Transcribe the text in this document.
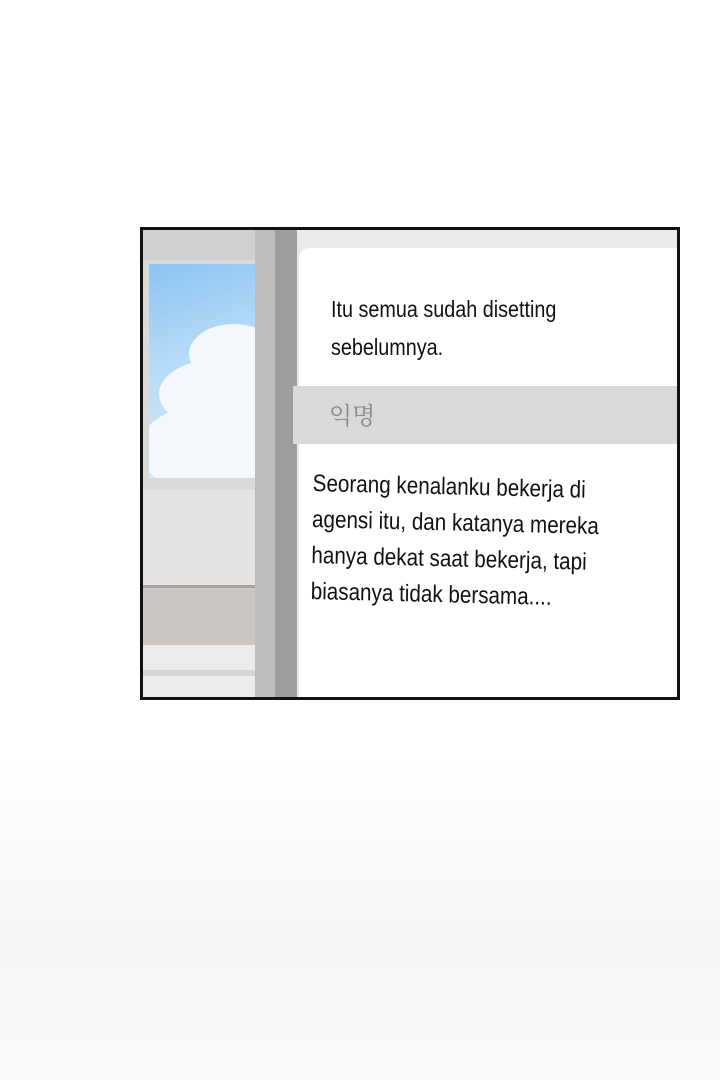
Itu semua sudah disetting
sebelumnya.
익명
Seorang kenalanku bekerja di
agensi itu, dan katanya mereka
hanya dekat saat bekerja, tapi
biasanya tidak bersama....
